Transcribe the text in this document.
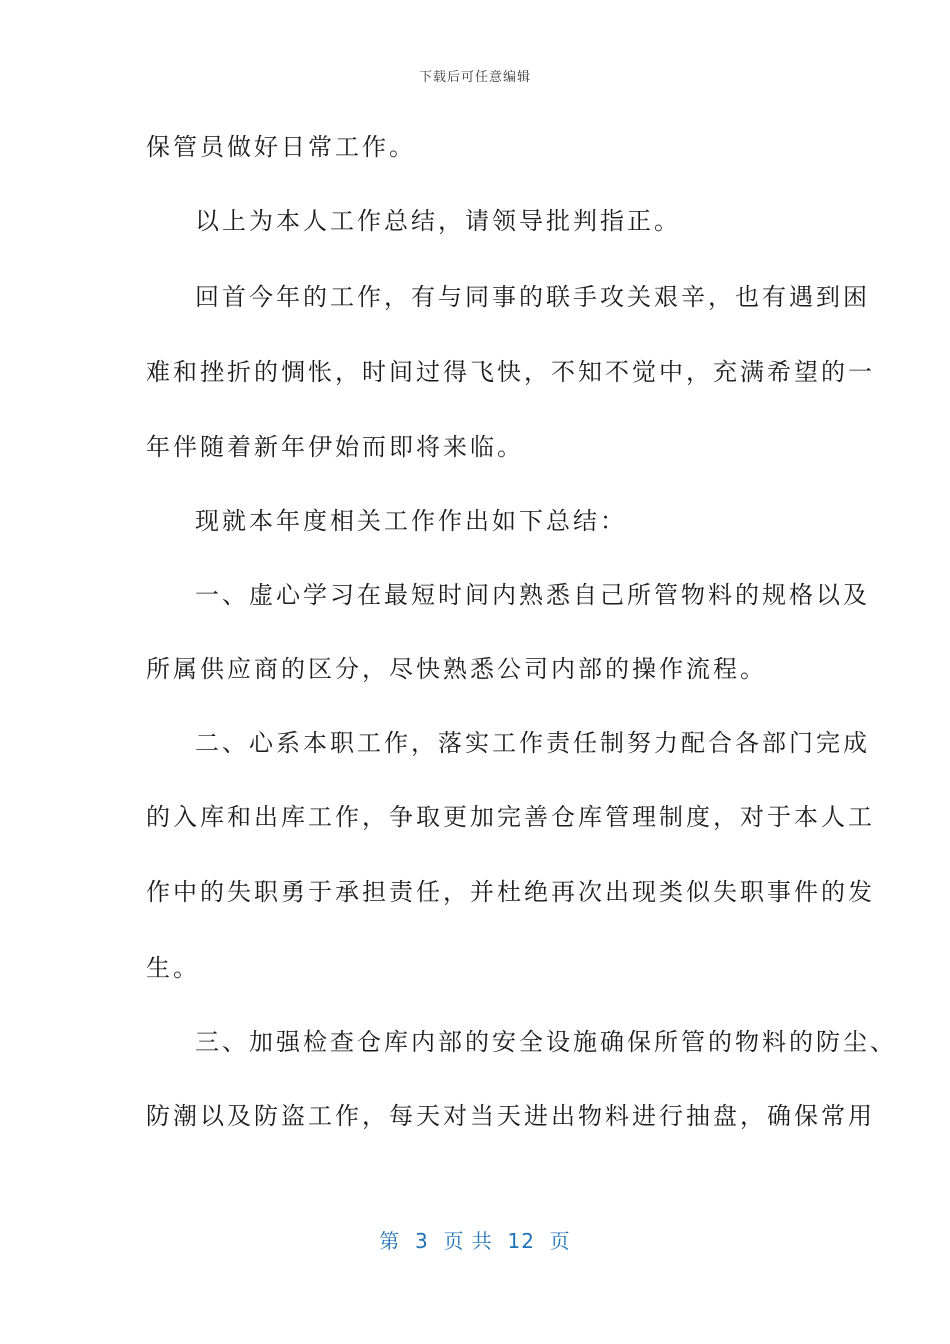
下载后可任意编辑
保管员做好日常工作。
以上为本人工作总结，请领导批判指正。
回首今年的工作，有与同事的联手攻关艰辛，也有遇到困
难和挫折的惆怅，时间过得飞快，不知不觉中，充满希望的一
年伴随着新年伊始而即将来临。
现就本年度相关工作作出如下总结：
一、虚心学习在最短时间内熟悉自己所管物料的规格以及
所属供应商的区分，尽快熟悉公司内部的操作流程。
二、心系本职工作，落实工作责任制努力配合各部门完成
的入库和出库工作，争取更加完善仓库管理制度，对于本人工
作中的失职勇于承担责任，并杜绝再次出现类似失职事件的发
生。
三、加强检查仓库内部的安全设施确保所管的物料的防尘、
防潮以及防盗工作，每天对当天进出物料进行抽盘，确保常用
第  3  页 共  12  页
